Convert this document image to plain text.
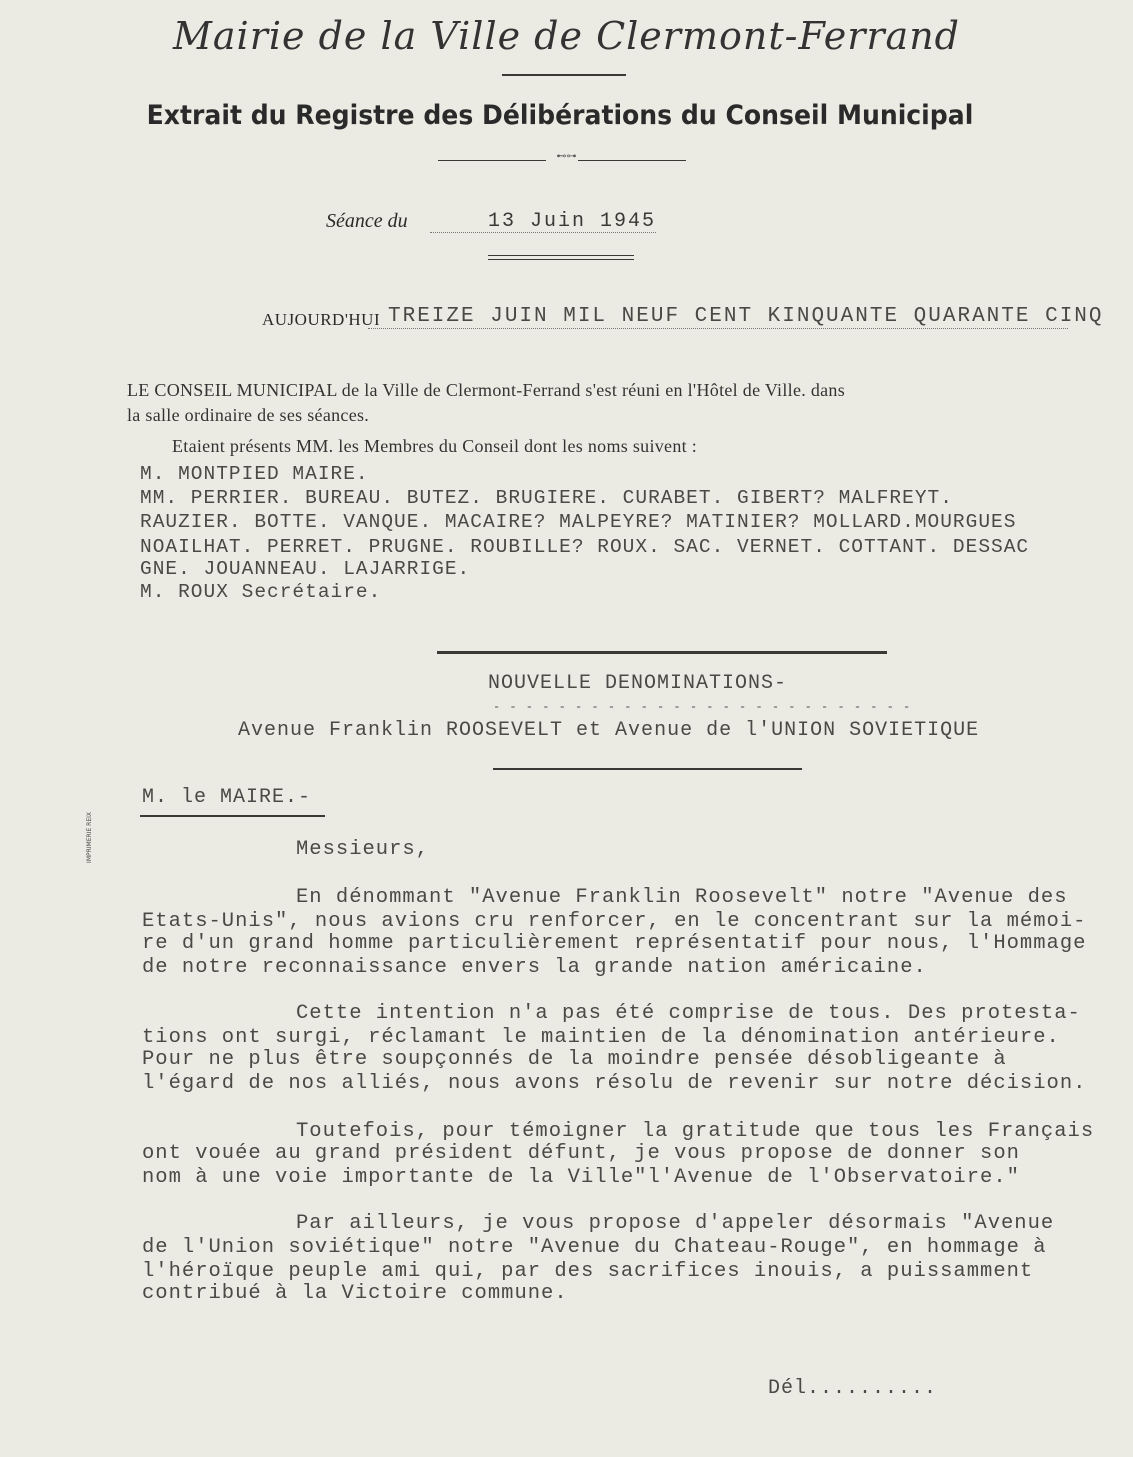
Mairie de la Ville de Clermont-Ferrand
Extrait du Registre des Délibérations du Conseil Municipal
⊷⊶
Séance du	13 Juin 1945
AUJOURD'HUI TREIZE JUIN MIL NEUF CENT KINQUANTE QUARANTE CINQ
LE CONSEIL MUNICIPAL de la Ville de Clermont-Ferrand s'est réuni en l'Hôtel de Ville. dans
la salle ordinaire de ses séances.
Etaient présents MM. les Membres du Conseil dont les noms suivent :
M. MONTPIED MAIRE.
MM. PERRIER. BUREAU. BUTEZ. BRUGIERE. CURABET. GIBERT? MALFREYT.
RAUZIER. BOTTE. VANQUE. MACAIRE? MALPEYRE? MATINIER? MOLLARD.MOURGUES
NOAILHAT. PERRET. PRUGNE. ROUBILLE? ROUX. SAC. VERNET. COTTANT. DESSAC
GNE. JOUANNEAU. LAJARRIGE.
M. ROUX Secrétaire.
NOUVELLE DENOMINATIONS-
- - - - - - - - - - - - - - - - - - - - - - - - - -
Avenue Franklin ROOSEVELT et Avenue de l'UNION SOVIETIQUE
M. le MAIRE.-
Messieurs,
En dénommant "Avenue Franklin Roosevelt" notre "Avenue des
Etats-Unis", nous avions cru renforcer, en le concentrant sur la mémoi-
re d'un grand homme particulièrement représentatif pour nous, l'Hommage
de notre reconnaissance envers la grande nation américaine.
Cette intention n'a pas été comprise de tous. Des protesta-
tions ont surgi, réclamant le maintien de la dénomination antérieure.
Pour ne plus être soupçonnés de la moindre pensée désobligeante à
l'égard de nos alliés, nous avons résolu de revenir sur notre décision.
Toutefois, pour témoigner la gratitude que tous les Français
ont vouée au grand président défunt, je vous propose de donner son
nom à une voie importante de la Ville"l'Avenue de l'Observatoire."
Par ailleurs, je vous propose d'appeler désormais "Avenue
de l'Union soviétique" notre "Avenue du Chateau-Rouge", en hommage à
l'héroïque peuple ami qui, par des sacrifices inouis, a puissamment
contribué à la Victoire commune.
Dél..........
IMPRIMERIE REIX
